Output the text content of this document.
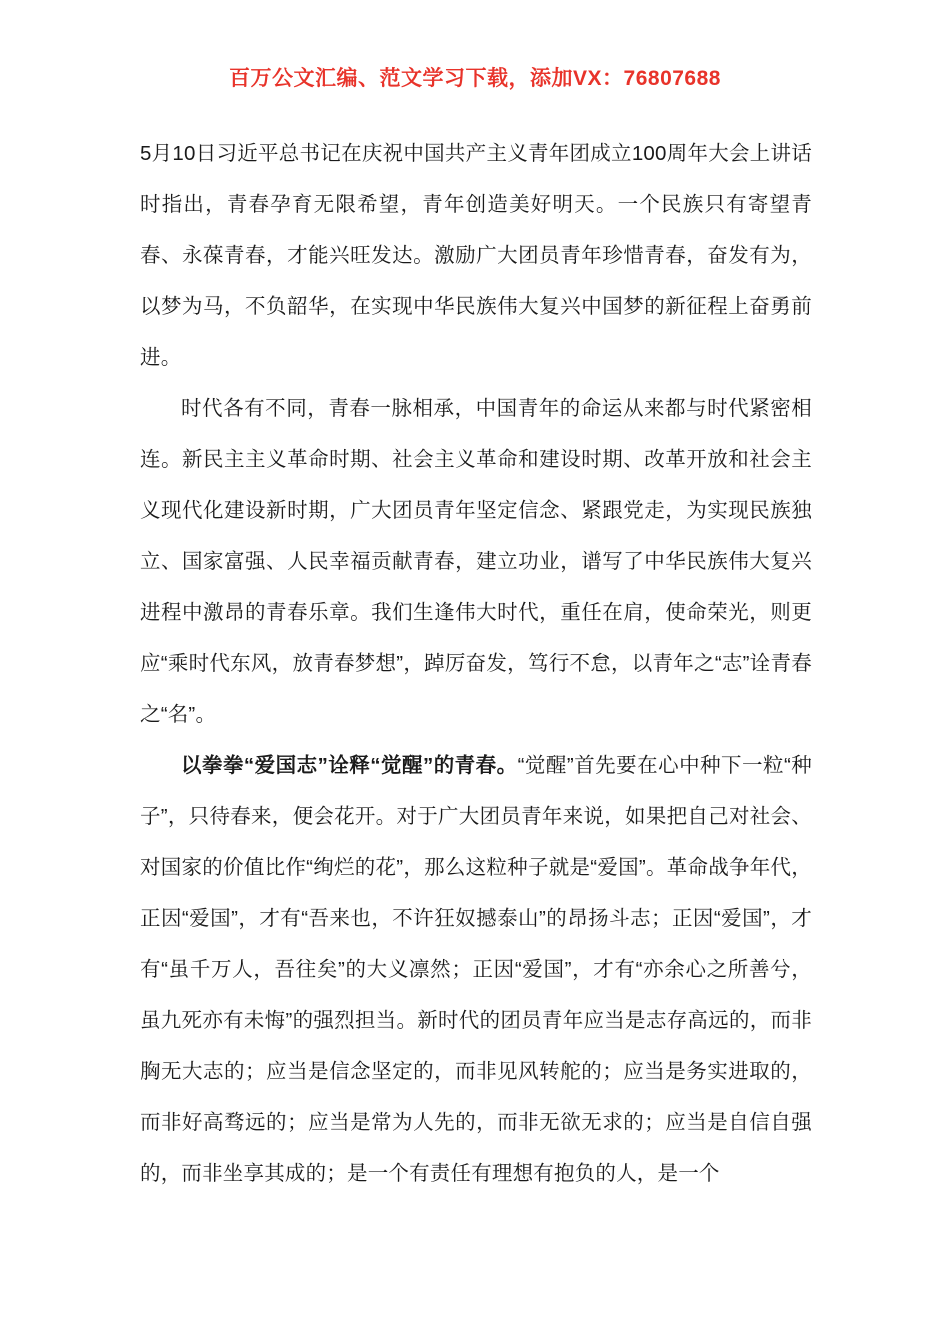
百万公文汇编、范文学习下载，添加VX：76807688

5月10日习近平总书记在庆祝中国共产主义青年团成立100周年大会上讲话时指出，青春孕育无限希望，青年创造美好明天。一个民族只有寄望青春、永葆青春，才能兴旺发达。激励广大团员青年珍惜青春，奋发有为，以梦为马，不负韶华，在实现中华民族伟大复兴中国梦的新征程上奋勇前进。

时代各有不同，青春一脉相承，中国青年的命运从来都与时代紧密相连。新民主主义革命时期、社会主义革命和建设时期、改革开放和社会主义现代化建设新时期，广大团员青年坚定信念、紧跟党走，为实现民族独立、国家富强、人民幸福贡献青春，建立功业，谱写了中华民族伟大复兴进程中激昂的青春乐章。我们生逢伟大时代，重任在肩，使命荣光，则更应“乘时代东风，放青春梦想”，踔厉奋发，笃行不怠，以青年之“志”诠青春之“名”。

以拳拳“爱国志”诠释“觉醒”的青春。“觉醒”首先要在心中种下一粒“种子”，只待春来，便会花开。对于广大团员青年来说，如果把自己对社会、对国家的价值比作“绚烂的花”，那么这粒种子就是“爱国”。革命战争年代，正因“爱国”，才有“吾来也，不许狂奴撼泰山”的昂扬斗志；正因“爱国”，才有“虽千万人，吾往矣”的大义凛然；正因“爱国”，才有“亦余心之所善兮，虽九死亦有未悔”的强烈担当。新时代的团员青年应当是志存高远的，而非胸无大志的；应当是信念坚定的，而非见风转舵的；应当是务实进取的，而非好高骛远的；应当是常为人先的，而非无欲无求的；应当是自信自强的，而非坐享其成的；是一个有责任有理想有抱负的人，是一个
